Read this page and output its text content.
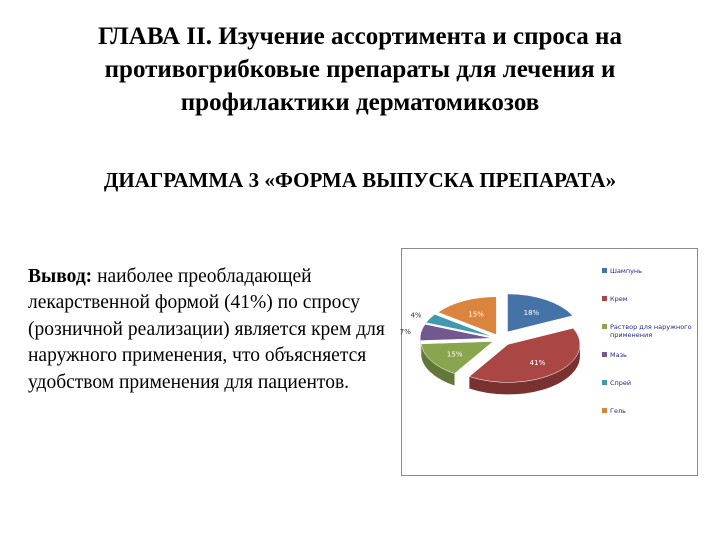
ГЛАВА II. Изучение ассортимента и спроса на противогрибковые препараты для лечения и профилактики дерматомикозов
ДИАГРАММА 3 «ФОРМА ВЫПУСКА ПРЕПАРАТА»
Вывод: наиболее преобладающей лекарственной формой (41%) по спросу (розничной реализации) является крем для наружного применения, что объясняется удобством применения для пациентов.
18%
41%
15%
7%
4%	15%
Шампунь
Крем
Раствор для наружного применения
Мазь
Спрей
Гель
